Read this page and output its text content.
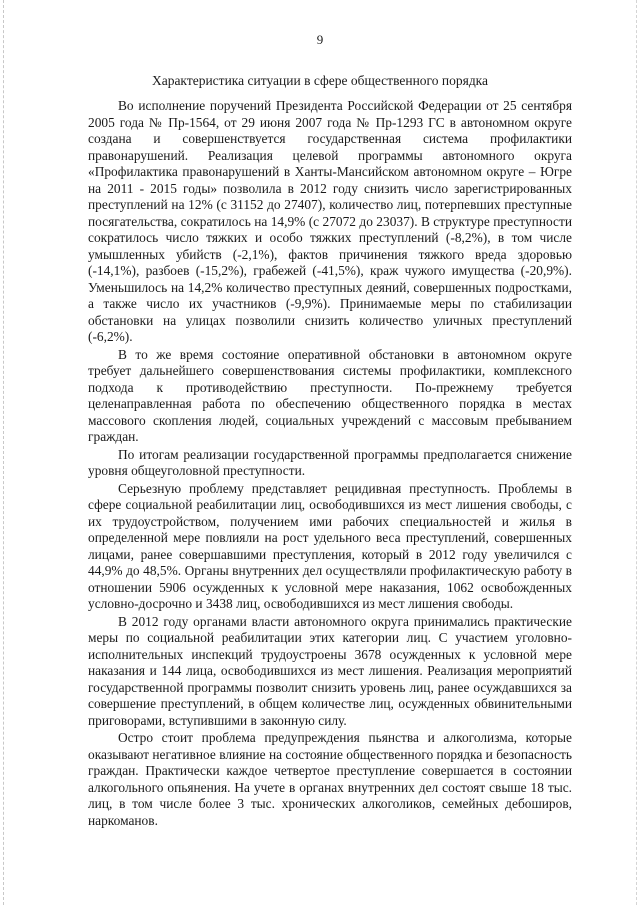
9
Характеристика ситуации в сфере общественного порядка

Во исполнение поручений Президента Российской Федерации от 25 сентября 2005 года № Пр-1564, от 29 июня 2007 года № Пр-1293 ГС в автономном округе создана и совершенствуется государственная система профилактики правонарушений. Реализация целевой программы автономного округа «Профилактика правонарушений в Ханты-Мансийском автономном округе – Югре на 2011 - 2015 годы» позволила в 2012 году снизить число зарегистрированных преступлений на 12% (с 31152 до 27407), количество лиц, потерпевших преступные посягательства, сократилось на 14,9% (с 27072 до 23037). В структуре преступности сократилось число тяжких и особо тяжких преступлений (-8,2%), в том числе умышленных убийств (-2,1%), фактов причинения тяжкого вреда здоровью (-14,1%), разбоев (-15,2%), грабежей (-41,5%), краж чужого имущества (-20,9%). Уменьшилось на 14,2% количество преступных деяний, совершенных подростками, а также число их участников (-9,9%). Принимаемые меры по стабилизации обстановки на улицах позволили снизить количество уличных преступлений (-6,2%).

В то же время состояние оперативной обстановки в автономном округе требует дальнейшего совершенствования системы профилактики, комплексного подхода к противодействию преступности. По-прежнему требуется целенаправленная работа по обеспечению общественного порядка в местах массового скопления людей, социальных учреждений с массовым пребыванием граждан.

По итогам реализации государственной программы предполагается снижение уровня общеуголовной преступности.

Серьезную проблему представляет рецидивная преступность. Проблемы в сфере социальной реабилитации лиц, освободившихся из мест лишения свободы, с их трудоустройством, получением ими рабочих специальностей и жилья в определенной мере повлияли на рост удельного веса преступлений, совершенных лицами, ранее совершавшими преступления, который в 2012 году увеличился с 44,9% до 48,5%. Органы внутренних дел осуществляли профилактическую работу в отношении 5906 осужденных к условной мере наказания, 1062 освобожденных условно-досрочно и 3438 лиц, освободившихся из мест лишения свободы.

В 2012 году органами власти автономного округа принимались практические меры по социальной реабилитации этих категории лиц. С участием уголовно-исполнительных инспекций трудоустроены 3678 осужденных к условной мере наказания и 144 лица, освободившихся из мест лишения. Реализация мероприятий государственной программы позволит снизить уровень лиц, ранее осуждавшихся за совершение преступлений, в общем количестве лиц, осужденных обвинительными приговорами, вступившими в законную силу.

Остро стоит проблема предупреждения пьянства и алкоголизма, которые оказывают негативное влияние на состояние общественного порядка и безопасность граждан. Практически каждое четвертое преступление совершается в состоянии алкогольного опьянения. На учете в органах внутренних дел состоят свыше 18 тыс. лиц, в том числе более 3 тыс. хронических алкоголиков, семейных дебоширов, наркоманов.
